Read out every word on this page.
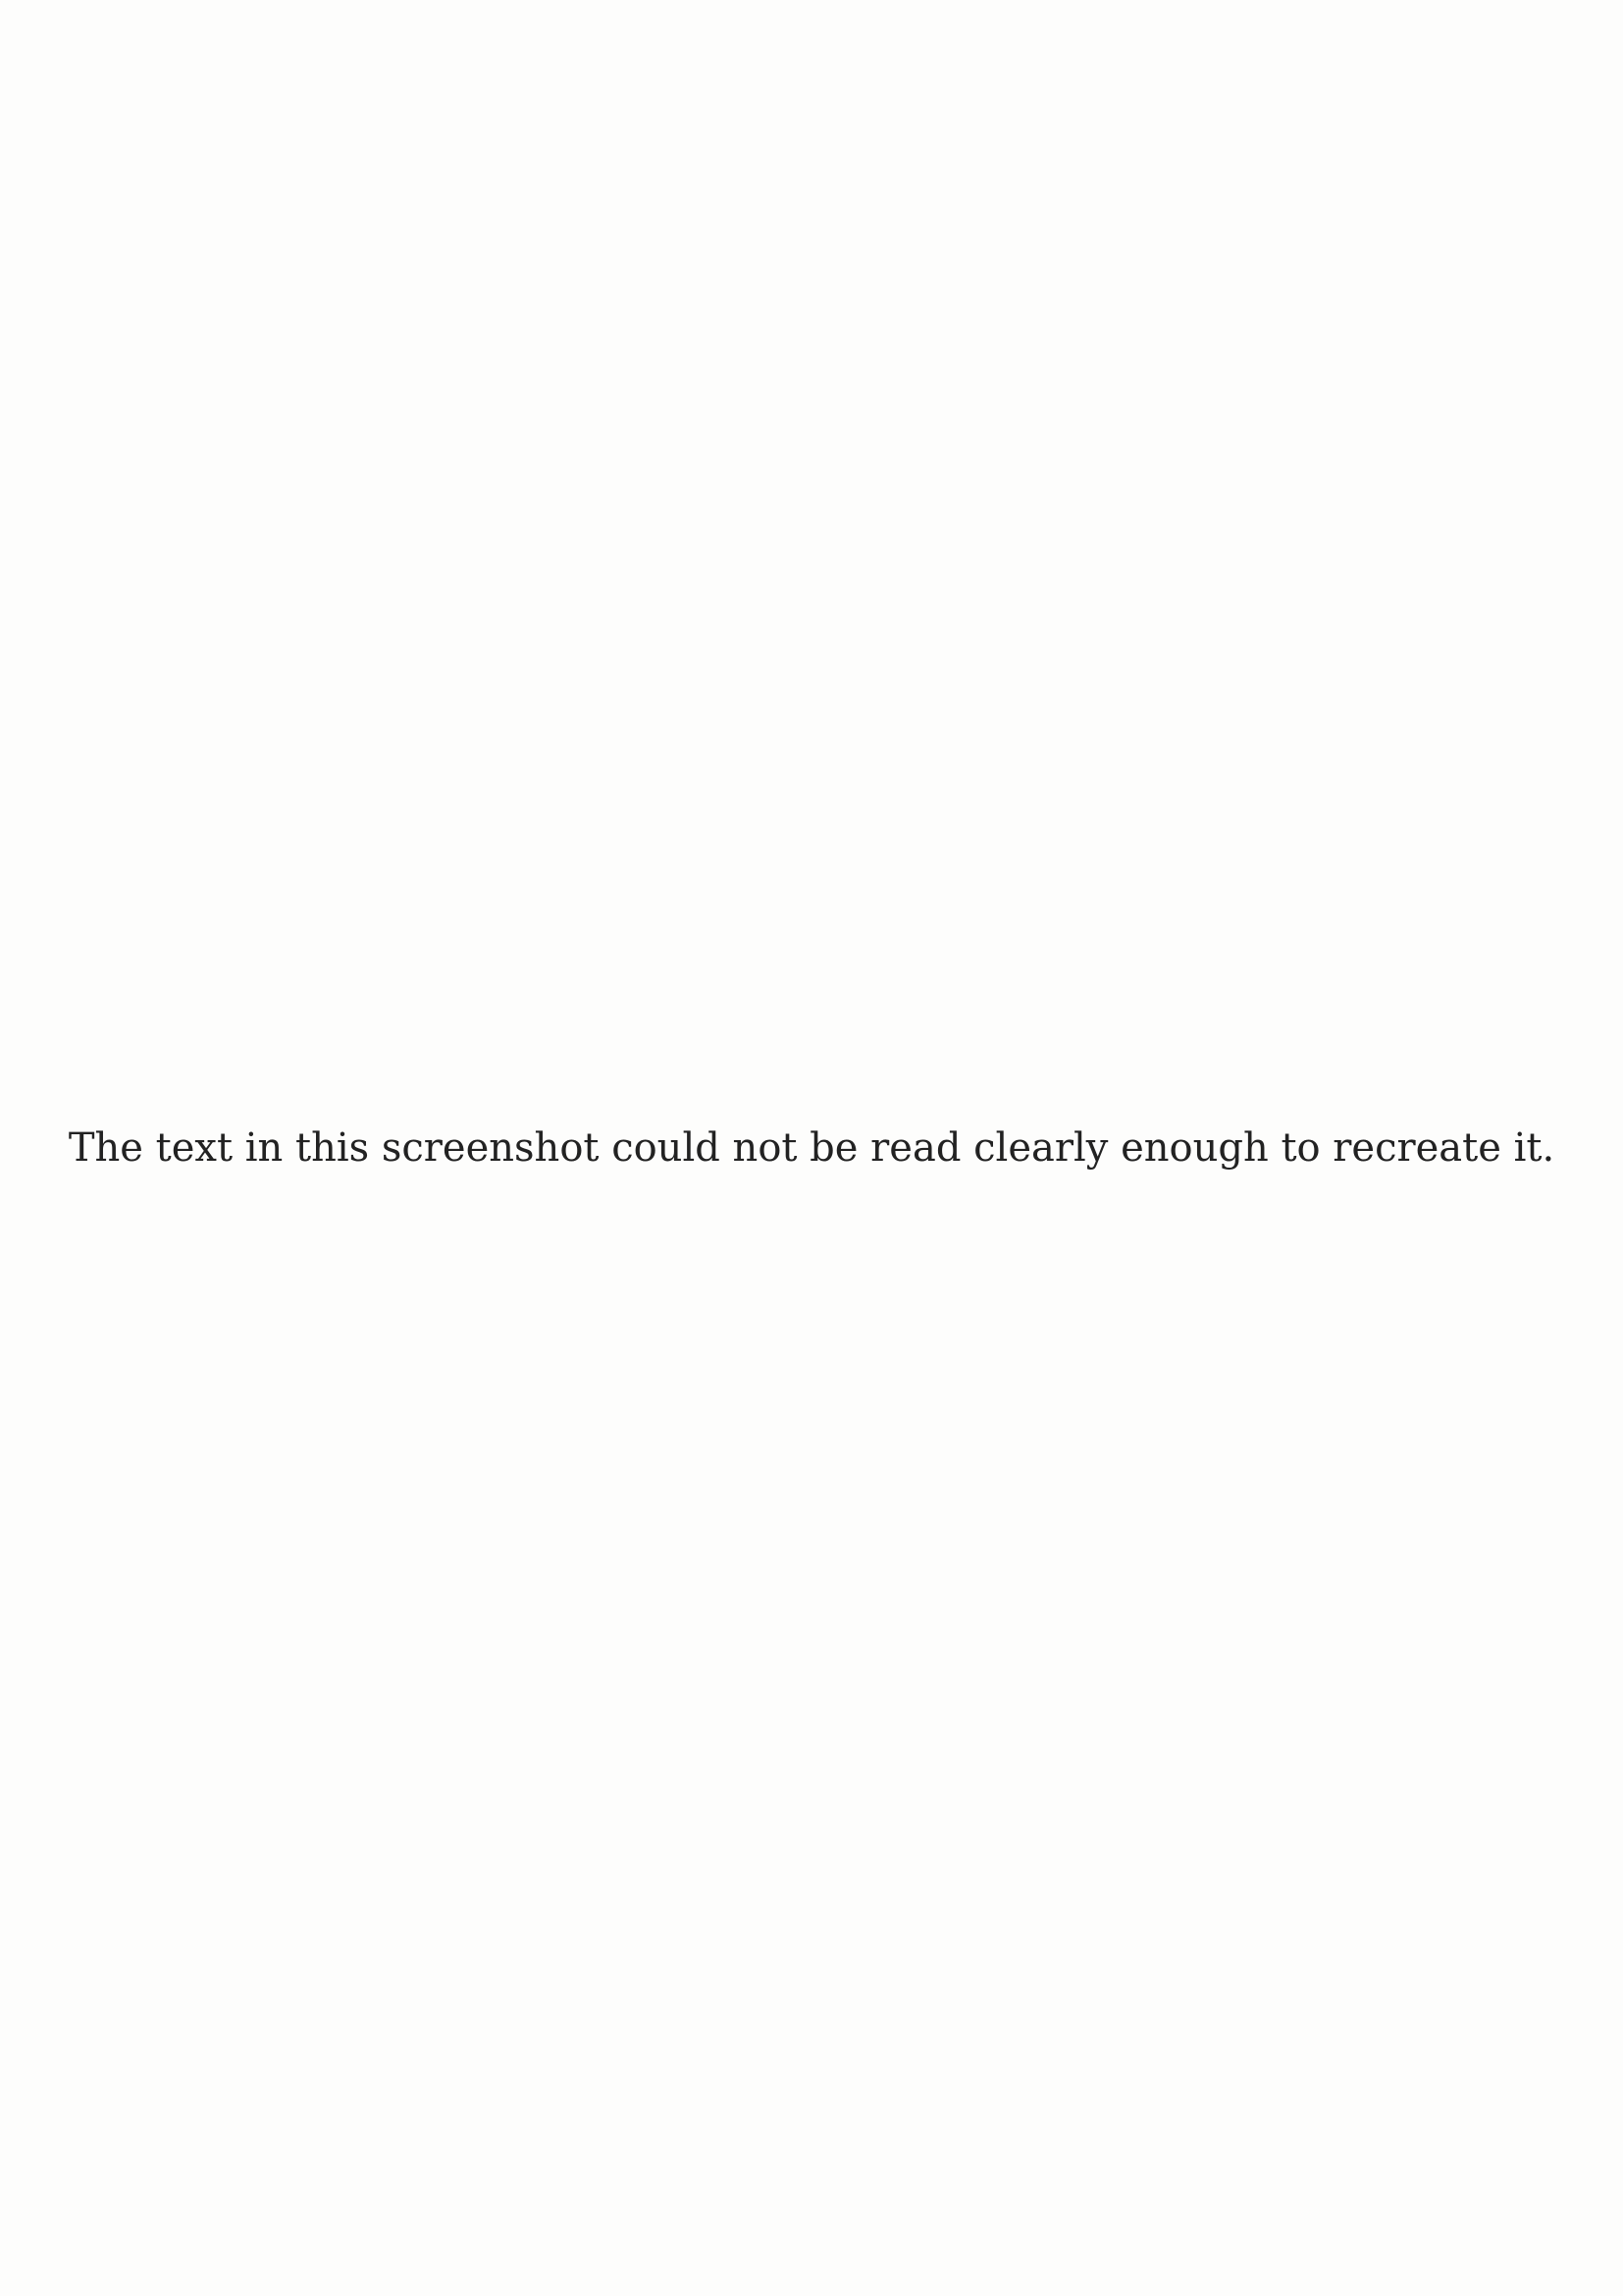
The text in this screenshot could not be read clearly enough to recreate it.
